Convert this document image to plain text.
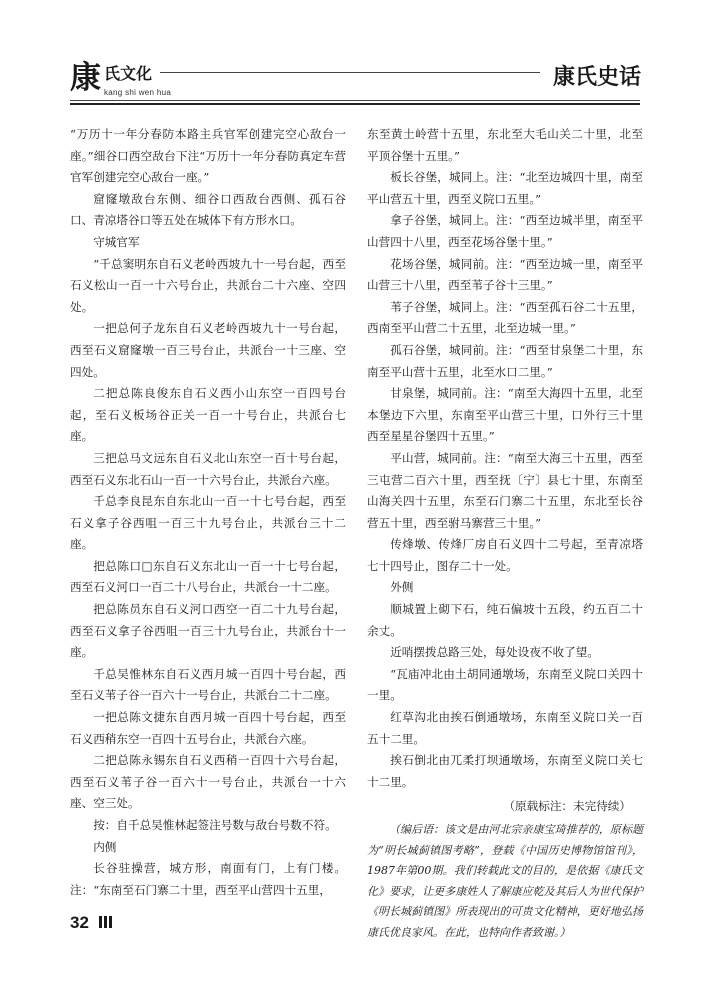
康 氏文化
kang shi wen hua
康氏史话

“万历十一年分春防本路主兵官军创建完空心敌台一座。”细谷口西空敌台下注“万历十一年分春防真定车营官军创建完空心敌台一座。”

窟窿墩敌台东侧、细谷口西敌台西侧、孤石谷口、青凉塔谷口等五处在城体下有方形水口。

守城官军

“千总窦明东自石义老岭西坡九十一号台起，西至石义松山一百一十六号台止，共派台二十六座、空四处。

一把总何子龙东自石义老岭西坡九十一号台起，西至石义窟窿墩一百三号台止，共派台一十三座、空四处。

二把总陈良俊东自石义西小山东空一百四号台起，至石义板场谷正关一百一十号台止，共派台七座。

三把总马文远东自石义北山东空一百十号台起，西至石义东北石山一百一十六号台止，共派台六座。

千总李良昆东自东北山一百一十七号台起，西至石义拿子谷西咀一百三十九号台止，共派台三十二座。

把总陈口□东自石义东北山一百一十七号台起，西至石义河口一百二十八号台止，共派台一十二座。

把总陈员东自石义河口西空一百二十九号台起，西至石义拿子谷西咀一百三十九号台止，共派台十一座。

千总吴惟林东自石义西月城一百四十号台起，西至石义苇子谷一百六十一号台止，共派台二十二座。

一把总陈文捷东自西月城一百四十号台起，西至石义西稍东空一百四十五号台止，共派台六座。

二把总陈永锡东自石义西稍一百四十六号台起，西至石义苇子谷一百六十一号台止，共派台一十六座、空三处。

按：自千总吴惟林起签注号数与敌台号数不符。

内侧

长谷驻操营，城方形，南面有门，上有门楼。注：“东南至石门寨二十里，西至平山营四十五里，

东至黄土岭营十五里，东北至大毛山关二十里，北至平顶谷堡十五里。”

板长谷堡，城同上。注：“北至边城四十里，南至平山营五十里，西至义院口五里。”

拿子谷堡，城同上。注：“西至边城半里，南至平山营四十八里，西至花场谷堡十里。”

花场谷堡，城同前。注：“西至边城一里，南至平山营三十八里，西至苇子谷十三里。”

苇子谷堡，城同上。注：“西至孤石谷二十五里，西南至平山营二十五里，北至边城一里。”

孤石谷堡，城同前。注：“西至甘泉堡二十里，东南至平山营十五里，北至水口二里。”

甘泉堡，城同前。注：“南至大海四十五里，北至本堡边下六里，东南至平山营三十里，口外行三十里西至星星谷堡四十五里。”

平山营，城同前。注：“南至大海三十五里，西至三屯营二百六十里，西至抚〔宁〕县七十里，东南至山海关四十五里，东至石门寨二十五里，东北至长谷营五十里，西至驸马寨营三十里。”

传烽墩、传烽厂房自石义四十二号起，至青凉塔七十四号止，图存二十一处。

外侧

顺城置上砌下石，纯石偏坡十五段，约五百二十余丈。

近哨摆拨总路三处，每处设夜不收了望。

“瓦庙冲北由土胡同通墩场，东南至义院口关四十一里。

红草沟北由挨石倒通墩场，东南至义院口关一百五十二里。

挨石倒北由兀柔打坝通墩场，东南至义院口关七十二里。

（原载标注：未完待续）

（编后语：该文是由河北宗亲康宝琦推荐的，原标题为“明长城蓟镇图考略”，登载《中国历史博物馆馆刊》，1987年第00期。我们转载此文的目的，是依据《康氏文化》要求，让更多康姓人了解康应乾及其后人为世代保护《明长城蓟镇图》所表现出的可贵文化精神，更好地弘扬康氏优良家风。在此，也特向作者致谢。）

32
